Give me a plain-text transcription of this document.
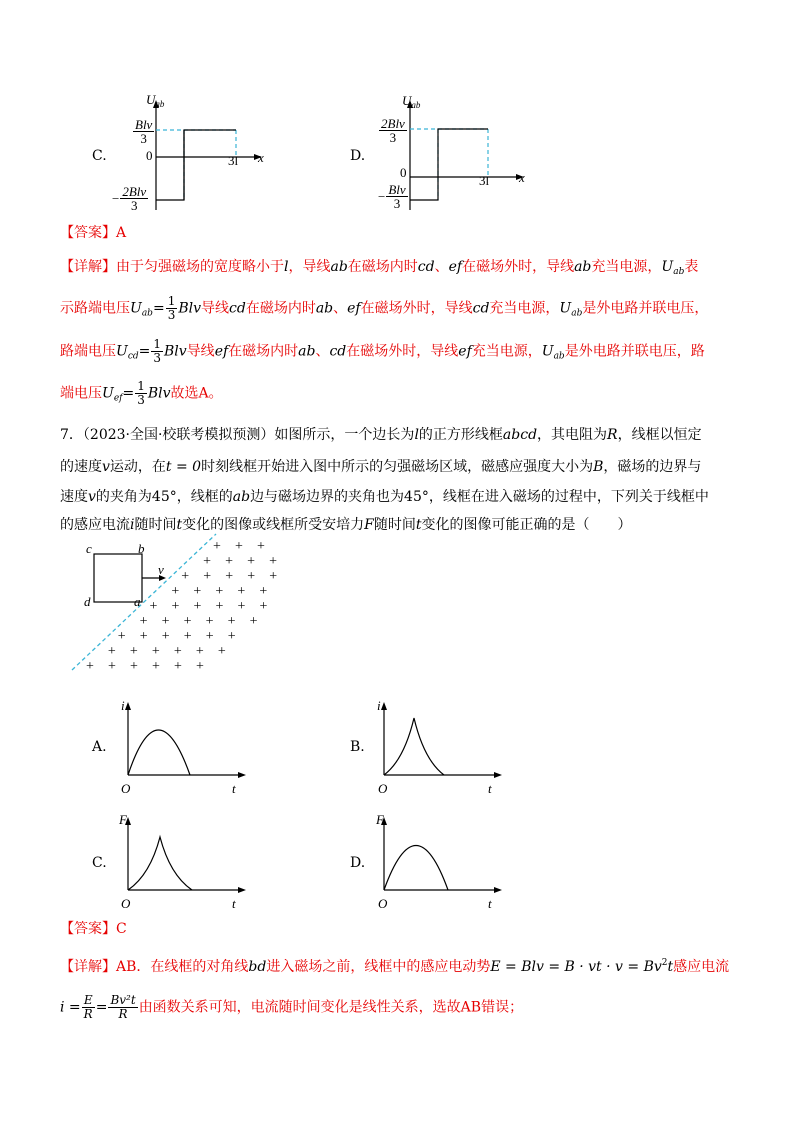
C.
$U_{ab}$
$\frac{\text{Blv}}{3}$
0	3l x
− $\frac{\text{2Blv}}{3}$
D.
$U_{ab}$
$\frac{\text{2Blv}}{3}$
0
3l x
− $\frac{\text{Blv}}{3}$
【答案】A
【详解】由于匀强磁场的宽度略小于l，导线ab在磁场内时cd、ef在磁场外时，导线ab充当电源，$U_{ab}$表
示路端电压$U_{ab}= \frac{1}{3}$ Blv导线cd在磁场内时ab、ef在磁场外时，导线cd充当电源，$U_{ab}$是外电路并联电压，
路端电压$U_{cd}= \frac{1}{3}$ Blv导线ef在磁场内时ab、cd在磁场外时，导线ef充当电源，$U_{ab}$是外电路并联电压，路
端电压$U_{ef}= \frac{1}{3}$ Blv故选A。
7．（2023·全国·校联考模拟预测）如图所示，一个边长为l的正方形线框abcd，其电阻为R，线框以恒定
的速度v运动，在t = 0时刻线框开始进入图中所示的匀强磁场区域，磁感应强度大小为B，磁场的边界与
速度v的夹角为45°，线框的ab边与磁场边界的夹角也为45°，线框在进入磁场的过程中，下列关于线框中
的感应电流i随时间t变化的图像或线框所受安培力F随时间t变化的图像可能正确的是（　　）
+ + +
+ + + +
+ + + + +
+ + + + +
+ + + + + +
+ + + + + +
+ + + + + +
+ + + + + +
+ + + + + +
c	b
d	a
v
A.
i
O	t
B.
i
O	t
C.
F
O	t
D.
F
O	t
【答案】C
【详解】AB．在线框的对角线bd进入磁场之前，线框中的感应电动势E = Blv = B · vt · $v = Bv^2t$感应电流
$i = \frac{E}{R} = \frac{\text{Bv²t}}{R}$ 由函数关系可知，电流随时间变化是线性关系，选故AB错误；
